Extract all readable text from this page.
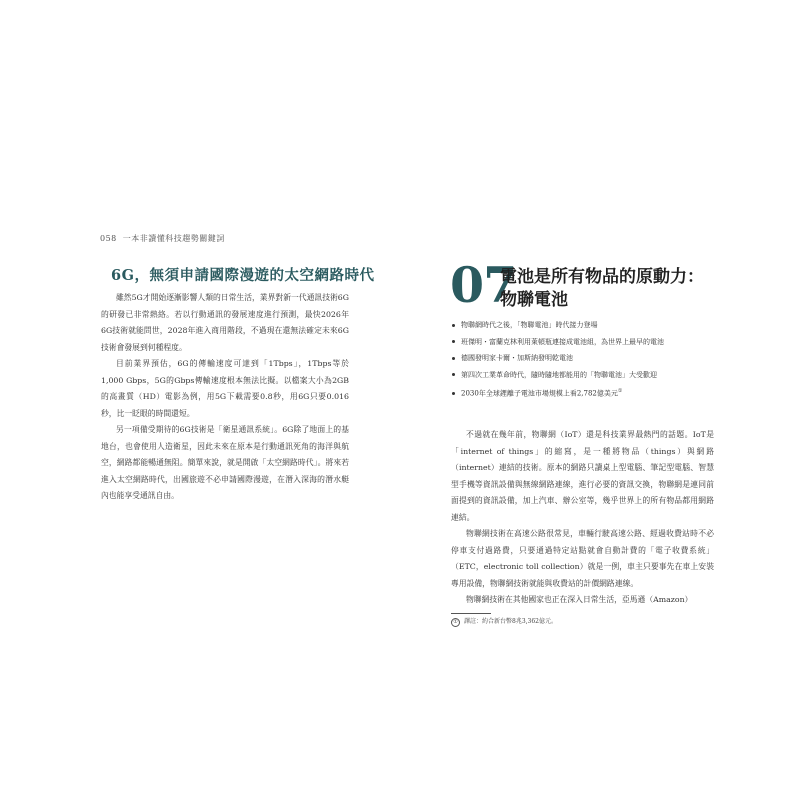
058 一本非讀懂科技趨勢關鍵詞
6G，無須申請國際漫遊的太空網路時代

雖然5G才開始逐漸影響人類的日常生活，業界對新一代通訊技術6G的研發已非常熱絡。若以行動通訊的發展速度進行預測，最快2026年6G技術就能問世，2028年進入商用階段，不過現在還無法確定未來6G技術會發展到何種程度。

目前業界預估，6G的傳輸速度可達到「1Tbps」，1Tbps等於1,000 Gbps，5G的Gbps傳輸速度根本無法比擬。以檔案大小為2GB的高畫質（HD）電影為例，用5G下載需要0.8秒，用6G只要0.016秒，比一眨眼的時間還短。

另一項備受期待的6G技術是「衛星通訊系統」。6G除了地面上的基地台，也會使用人造衛星，因此未來在原本是行動通訊死角的海洋與航空，網路都能暢通無阻。簡單來說，就是開啟「太空網路時代」。將來若進入太空網路時代，出國旅遊不必申請國際漫遊，在潛入深海的潛水艇內也能享受通訊自由。

07
電池是所有物品的原動力：物聯電池
物聯網時代之後，「物聯電池」時代接力登場
班傑明・富蘭克林利用萊頓瓶連接成電池組，為世界上最早的電池
德國發明家卡爾・加斯納發明乾電池
第四次工業革命時代，隨時隨地都能用的「物聯電池」大受歡迎
2030年全球鋰離子電池市場規模上看2,782億美元①

不過就在幾年前，物聯網（IoT）還是科技業界最熱門的話題。IoT是「internet of things」的縮寫，是一種將物品（things）與網路（internet）連結的技術。原本的網路只讀桌上型電腦、筆記型電腦、智慧型手機等資訊設備與無線網路連線，進行必要的資訊交換，物聯網是連同前面提到的資訊設備，加上汽車、辦公室等，幾乎世界上的所有物品都用網路連結。

物聯網技術在高速公路很常見，車輛行駛高速公路、經過收費站時不必停車支付過路費，只要通過特定站點就會自動計費的「電子收費系統」（ETC，electronic toll collection）就是一例，車主只要事先在車上安裝專用設備，物聯網技術就能與收費站的計價網路連線。

物聯網技術在其他國家也正在深入日常生活，亞馬遜（Amazon）

① 譯註：約合新台幣8兆3,362億元。
